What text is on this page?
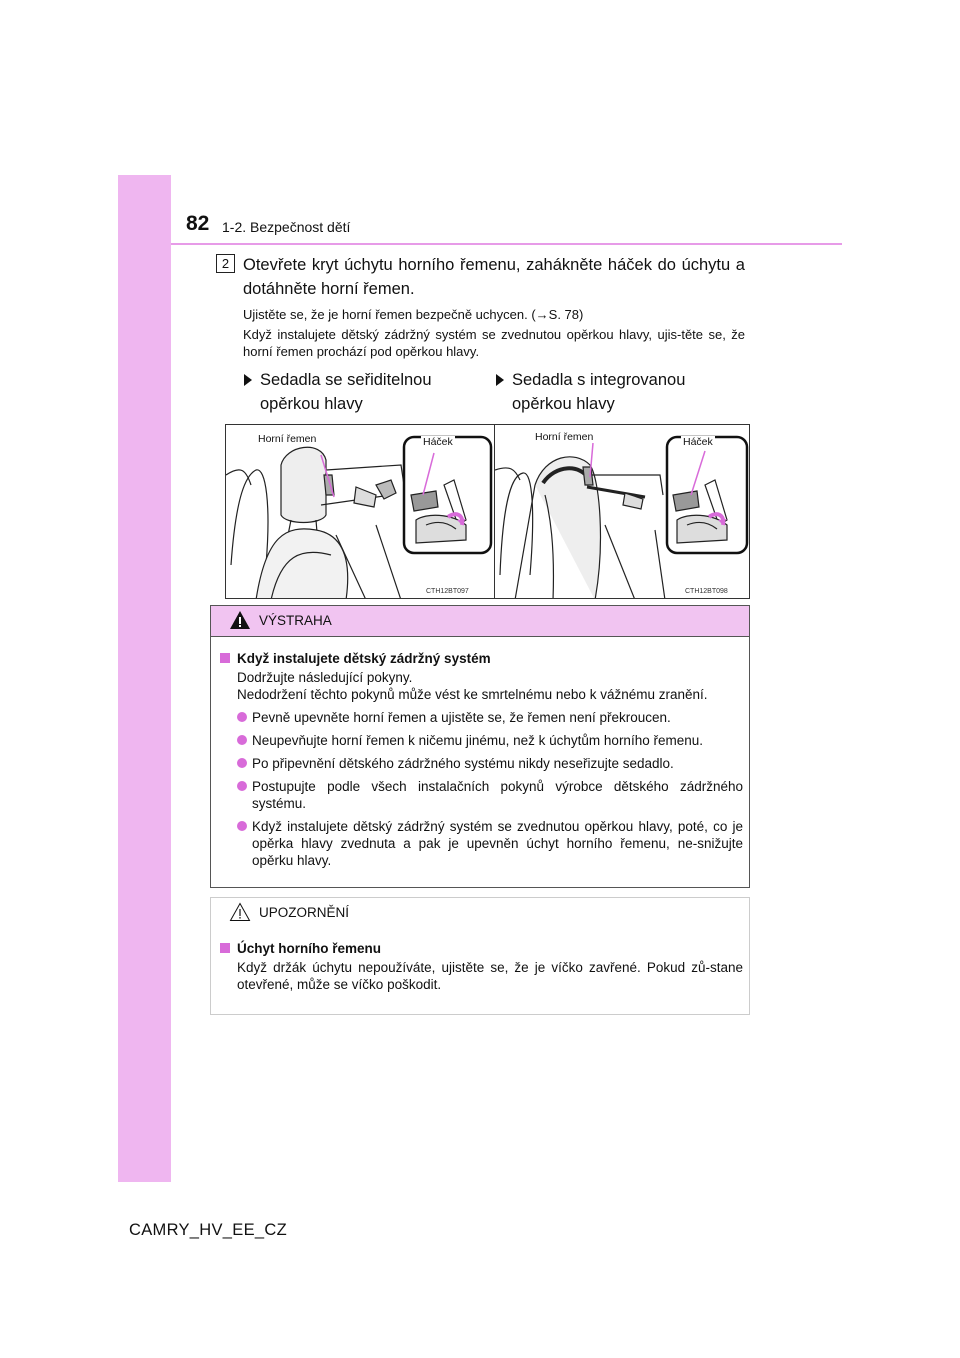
82 1-2. Bezpečnost dětí
2 Otevřete kryt úchytu horního řemenu, zahákněte háček do úchytu a dotáhněte horní řemen.
Ujistěte se, že je horní řemen bezpečně uchycen. (→S. 78)
Když instalujete dětský zádržný systém se zvednutou opěrkou hlavy, ujis-těte se, že horní řemen prochází pod opěrkou hlavy.
Sedadla se seřiditelnou opěrkou hlavy
Sedadla s integrovanou opěrkou hlavy
Horní řemen	Háček
CTH12BT097
Horní řemen	Háček
CTH12BT098
VÝSTRAHA
Když instalujete dětský zádržný systém
Dodržujte následující pokyny.
Nedodržení těchto pokynů může vést ke smrtelnému nebo k vážnému zranění.
Pevně upevněte horní řemen a ujistěte se, že řemen není překroucen.
Neupevňujte horní řemen k ničemu jinému, než k úchytům horního řemenu.
Po připevnění dětského zádržného systému nikdy neseřizujte sedadlo.
Postupujte podle všech instalačních pokynů výrobce dětského zádržného systému.
Když instalujete dětský zádržný systém se zvednutou opěrkou hlavy, poté, co je opěrka hlavy zvednuta a pak je upevněn úchyt horního řemenu, ne-snižujte opěrku hlavy.
UPOZORNĚNÍ
Úchyt horního řemenu
Když držák úchytu nepoužíváte, ujistěte se, že je víčko zavřené. Pokud zů-stane otevřené, může se víčko poškodit.
CAMRY_HV_EE_CZ
